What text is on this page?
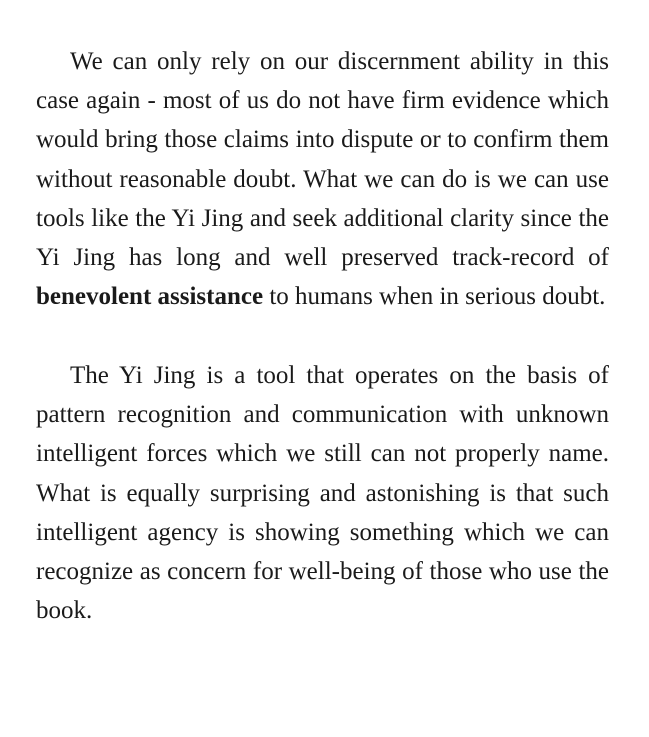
We can only rely on our discernment ability in this case again - most of us do not have firm evidence which would bring those claims into dispute or to confirm them without reasonable doubt. What we can do is we can use tools like the Yi Jing and seek additional clarity since the Yi Jing has long and well preserved track-record of benevolent assistance to humans when in serious doubt.

The Yi Jing is a tool that operates on the basis of pattern recognition and communication with unknown intelligent forces which we still can not properly name. What is equally surprising and astonishing is that such intelligent agency is showing something which we can recognize as concern for well-being of those who use the book.
